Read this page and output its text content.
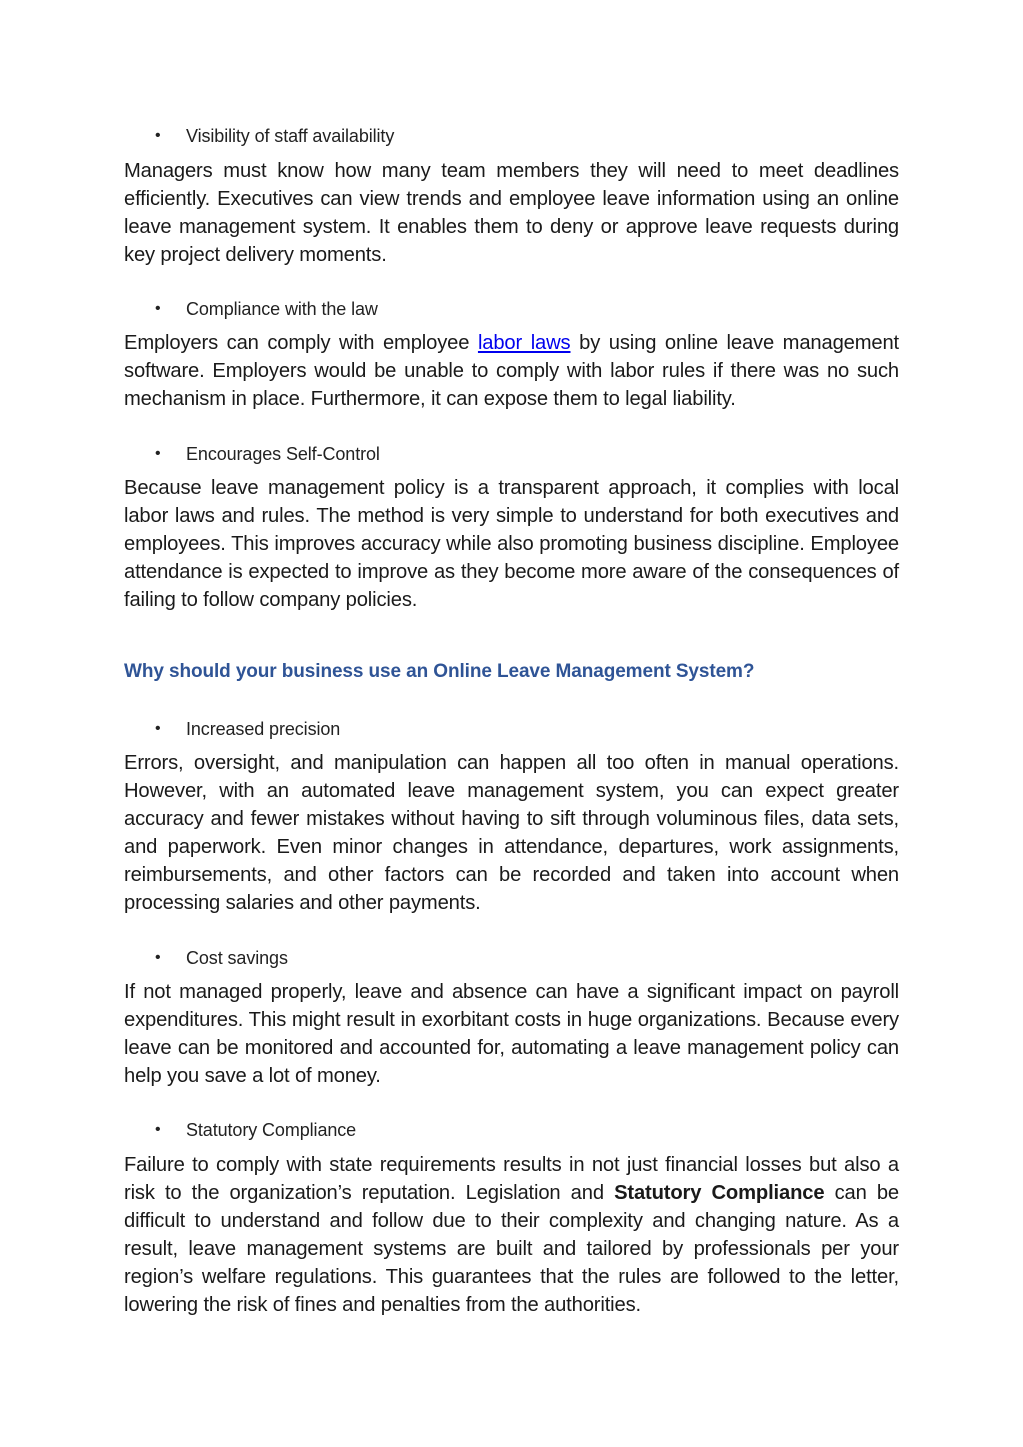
• Visibility of staff availability

Managers must know how many team members they will need to meet deadlines efficiently. Executives can view trends and employee leave information using an online leave management system. It enables them to deny or approve leave requests during key project delivery moments.

• Compliance with the law

Employers can comply with employee labor laws by using online leave management software. Employers would be unable to comply with labor rules if there was no such mechanism in place. Furthermore, it can expose them to legal liability.

• Encourages Self-Control

Because leave management policy is a transparent approach, it complies with local labor laws and rules. The method is very simple to understand for both executives and employees. This improves accuracy while also promoting business discipline. Employee attendance is expected to improve as they become more aware of the consequences of failing to follow company policies.

Why should your business use an Online Leave Management System?
• Increased precision

Errors, oversight, and manipulation can happen all too often in manual operations. However, with an automated leave management system, you can expect greater accuracy and fewer mistakes without having to sift through voluminous files, data sets, and paperwork. Even minor changes in attendance, departures, work assignments, reimbursements, and other factors can be recorded and taken into account when processing salaries and other payments.

• Cost savings

If not managed properly, leave and absence can have a significant impact on payroll expenditures. This might result in exorbitant costs in huge organizations. Because every leave can be monitored and accounted for, automating a leave management policy can help you save a lot of money.

• Statutory Compliance

Failure to comply with state requirements results in not just financial losses but also a risk to the organization’s reputation. Legislation and Statutory Compliance can be difficult to understand and follow due to their complexity and changing nature. As a result, leave management systems are built and tailored by professionals per your region’s welfare regulations. This guarantees that the rules are followed to the letter, lowering the risk of fines and penalties from the authorities.
